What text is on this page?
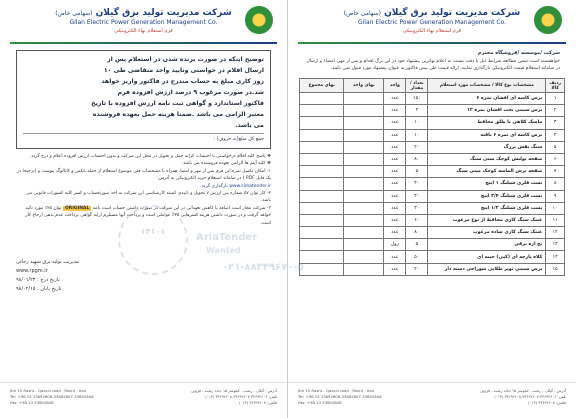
شرکت مدیریت تولید برق گیلان (سهامی خاص)
Gilan Electric Power Generation Management Co.
فرم استعلام بهاء الکترونیکی
توضیح اینکه در صورت برنده شدن در استعلام پس از
ارسال اقلام در خواستی وتایید واحد متقاضی طی ۱۰
روز کاری مبلغ به حساب مندرج در فاکتور واریز خواهد
شد.در صورت مرغوب ۹ درصد ارزش افزوده فرم
فاکتور استاندارد و گواهی ثبت نامه ارزش افزوده با تاریخ
معتبر الزامی می باشد .ضمنا هزینه حمل بعهده فروشنده
می باشد.
جمع کل مبلغ(به حروف) :

❖ پاسخ کلیه اقلام درخواستی با احتساب کرایه حمل و تحویل در محل این شرکت و بدون احتساب ارزش افزوده اعلام و درج گردد.

❖ کلیه آیتم ها الزامی بعهده فروشنده می باشد.

۱- امکان تکمیل نمره این فرم پس از مهر و امضا، همراه با مشخصات فنی موضوع استعلام از جمله عکس و کاتالوگ پیوست و (ترجیحا در یک فایل PDF ) در سامانه استعلام خرید الکترونیکی به آدرس:

www.simatender.ir بارگذاری گردد.

۲- کار توان ۵۷ شماره بین ارزش ۷ تحویل و تاییدی کمیته کارشناسی این شرکت به اخذ صورتحساب و کسر کلیه کسورات قانونی می باشد.

۳- شرکت مجاز است اضافه یا کاهش تعهداتی در این شرکت در صورت داشتن حساب است نامه ORIGINAL توان ۲۵٪ مورد تائید خواهد گرفت و در صورت داشتن هزینه کسرهایی ۲۵٪ عواملی است و پرداخت آنها مستلزم ارایه گواهی پرداخت عدم بدهی ارجاع کار است.

مدیریت تولید برق شهید رجائی
www.rpgm.ir
تاریخ درج : ۹۸/۰۱/۲۳
تاریخ پایان : ۹۸/۰۲/۱۵
Km 15 Rasht - Qazvin road , Rasht , Iran
Tel: +98 13 33692606-33692607-33692608
Fax: +98 13 33692608
آدرس : گیلان - رشت - کیلومتر ۱۵ جاده رشت - قزوین
تلفن: ۳۳۶۹۲۶۰۶-۳۳۶۹۲۶۰۷-۳۳۶۹۲۶۰۸ (۰۱۳)
فکس: ۳۳۶۹۲۶۰۸ (۰۱۳)
شرکت مدیریت تولید برق گیلان (سهامی خاص)
Gilan Electric Power Generation Management Co.
فرم استعلام بهاء الکترونیکی
شرکت /موسسه /فروشگاه محترم
خواهشمند است ضمن مطالعه شرایط ذیل با دقت نسبت به اعلام بهاترین پیشنهاد خود در این برگ اقدام و پس از مهر، امضاء و ارسال در سامانه استعلام قیمت الکترونیکی بارگذاری نمایید. ارائه قیمت طی پیش فاکتور به عنوان پیشنهاد مورد قبول نمی باشد.
ردیف کالا	مشخصات نوع کالا / مشخصات مورد استعلام	تعداد / مقدار	واحد	بهای واحد	بهای مجموع
۱	برس کاسه ای افشان نمره ۶	۱۵۰	عدد		
۲	برس سیمی تخت افشان نمره ۱۲	۴	عدد		
۳	ماسک کلاهی با طلق محافظ	۱۰	عدد		
۴	برس کاسه ای نمره ۶ بافته	۱۰	عدد		
۵	سنگ نقش بزرگ	۲۰	عدد		
۶	صفحه پولیش کوچک مینی سنگ	۸۰	عدد		
۷	صفحه برش الماسه کوچک مینی سنگ	۵	عدد		
۸	بست فلزی شیلنگ ۱ اینچ	۳۰	عدد		
۹	بست فلزی شیلنگ ۳/۴ اینچ	۳۰	عدد		
۱۰	بست فلزی شیلنگ ۱/۲ اینچ	۳۰	عدد		
۱۱	عینک سنگ کاری محافظ از نوع مرغوب	۶۰	عدد		
۱۲	عینک سنگ کاری ساده مرغوب	۸۰	عدد		
۱۳	نخ اره برقی	۵	رول		
۱۴	کلاه پارچه ای (کپی) جنبه ای	۵۰	عدد		
۱۵	برس سیمی توپر طلایی سوراخی دسته دار	۲۰	عدد		
Km 15 Rasht - Qazvin road , Rasht , Iran
Tel: +98 13 33692606-33692607-33692608
Fax: +98 13 33692608
آدرس : گیلان - رشت - کیلومتر ۱۵ جاده رشت - قزوین
تلفن: ۳۳۶۹۲۶۰۶-۳۳۶۹۲۶۰۷-۳۳۶۹۲۶۰۸ (۰۱۳)
فکس: ۳۳۶۹۲۶۰۸ (۰۱۳)
۱۴۱۰۱
AriaTender
Wanted
۰۲۱-۸۸۳۴۹۶۷۰-۵
